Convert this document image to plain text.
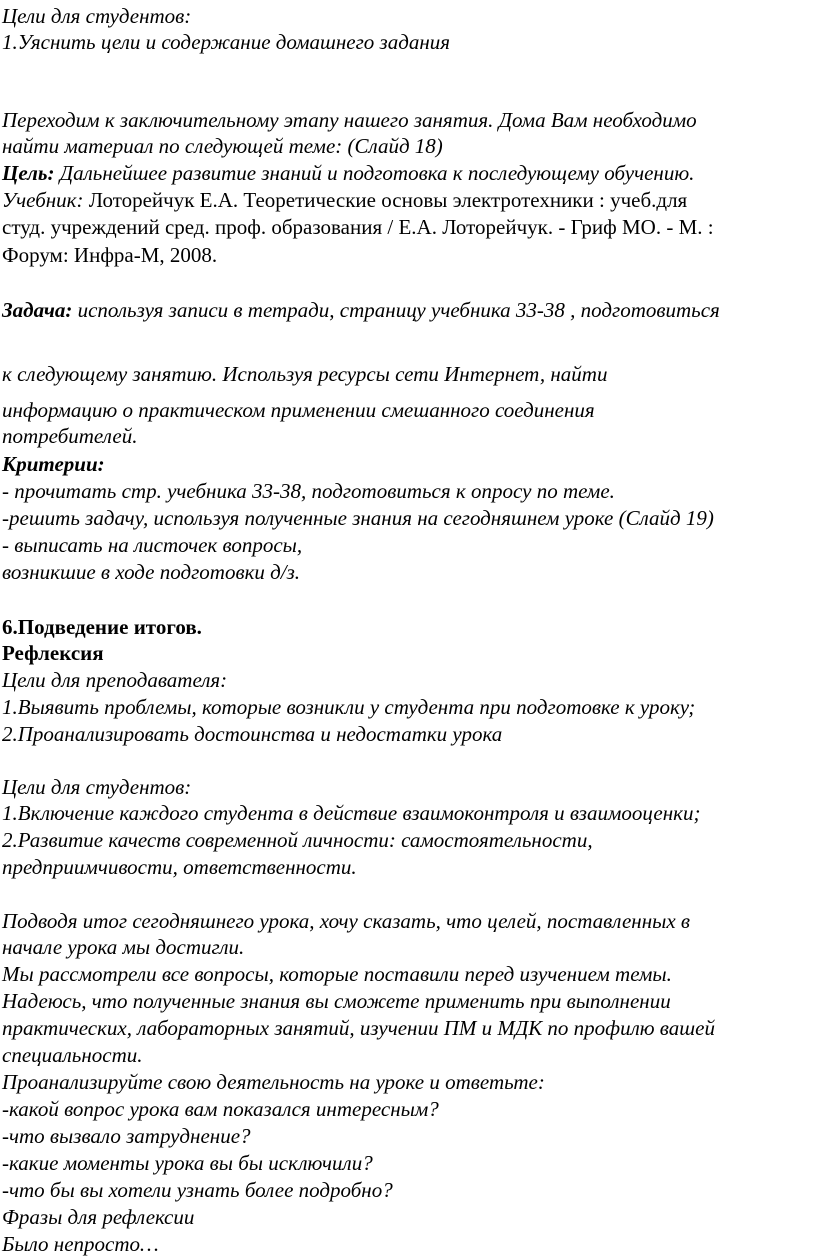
Цели для студентов:
1.Уяснить цели и содержание домашнего задания
Переходим к заключительному этапу нашего занятия. Дома Вам необходимо
найти материал по следующей теме: (Слайд 18)
Цель: Дальнейшее развитие знаний и подготовка к последующему обучению.
Учебник: Лоторейчук Е.А. Теоретические основы электротехники : учеб.для
студ. учреждений сред. проф. образования / Е.А. Лоторейчук. - Гриф МО. - М. :
Форум: Инфра-М, 2008.
Задача: используя записи в тетради, страницу учебника 33-38 , подготовиться
к следующему занятию. Используя ресурсы сети Интернет, найти
информацию о практическом применении смешанного соединения
потребителей.
Критерии:
- прочитать стр. учебника 33-38, подготовиться к опросу по теме.
-решить задачу, используя полученные знания на сегодняшнем уроке (Слайд 19)
- выписать на листочек вопросы,
возникшие в ходе подготовки д/з.
6.Подведение итогов.
Рефлексия
Цели для преподавателя:
1.Выявить проблемы, которые возникли у студента при подготовке к уроку;
2.Проанализировать достоинства и недостатки урока
Цели для студентов:
1.Включение каждого студента в действие взаимоконтроля и взаимооценки;
2.Развитие качеств современной личности: самостоятельности,
предприимчивости, ответственности.
Подводя итог сегодняшнего урока, хочу сказать, что целей, поставленных в
начале урока мы достигли.
Мы рассмотрели все вопросы, которые поставили перед изучением темы.
Надеюсь, что полученные знания вы сможете применить при выполнении
практических, лабораторных занятий, изучении ПМ и МДК по профилю вашей
специальности.
Проанализируйте свою деятельность на уроке и ответьте:
-какой вопрос урока вам показался интересным?
-что вызвало затруднение?
-какие моменты урока вы бы исключили?
-что бы вы хотели узнать более подробно?
Фразы для рефлексии
Было непросто…
